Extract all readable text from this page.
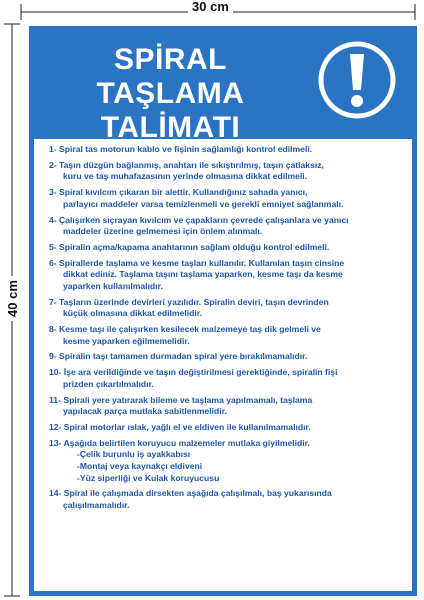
30 cm
40 cm
SPİRAL TAŞLAMA
TALİMATI
1- Spiral tas motorun kablo ve fişinin sağlamlığı kontrol edilmeli.
2- Taşın düzgün bağlanmış, anahtarı ile sıkıştırılmış, taşın çatlaksız,
kuru ve taş muhafazasının yerinde olmasına dikkat edilmeli.
3- Spiral kıvılcım çıkaran bir alettir. Kullandığınız sahada yanıcı,
parlayıcı maddeler varsa temizlenmeli ve gerekli emniyet sağlanmalı.
4- Çalışırken sıçrayan kıvılcım ve çapakların çevrede çalışanlara ve yanıcı
maddeler üzerine gelmemesi için önlem alınmalı.
5- Spiralin açma/kapama anahtarının sağlam olduğu kontrol edilmeli.
6- Spirallerde taşlama ve kesme taşları kullanılır. Kullanılan taşın cinsine
dikkat ediniz. Taşlama taşını taşlama yaparken, kesme taşı da kesme
yaparken kullanılmalıdır.
7- Taşların üzerinde devirleri yazılıdır. Spiralin deviri, taşın devrinden
küçük olmasına dikkat edilmelidir.
8- Kesme taşı ile çalışırken kesilecek malzemeye taş dik gelmeli ve
kesme yaparken eğilmemelidir.
9- Spiralin taşı tamamen durmadan spiral yere bırakılmamalıdır.
10- İşe ara verildiğinde ve taşın değiştirilmesi gerektiğinde, spiralin fişi
prizden çıkartılmalıdır.
11- Spirali yere yatırarak bileme ve taşlama yapılmamalı, taşlama
yapılacak parça mutlaka sabitlenmelidir.
12- Spiral motorlar ıslak, yağlı el ve eldiven ile kullanılmamalıdır.
13- Aşağıda belirtilen koruyucu malzemeler mutlaka giyilmelidir.
-Çelik burunlu iş ayakkabısı
-Montaj veya kaynakçı eldiveni
-Yüz siperliği ve Kulak koruyucusu
14- Spiral ile çalışmada dirsekten aşağıda çalışılmalı, baş yukarısında
çalışılmamalıdır.
